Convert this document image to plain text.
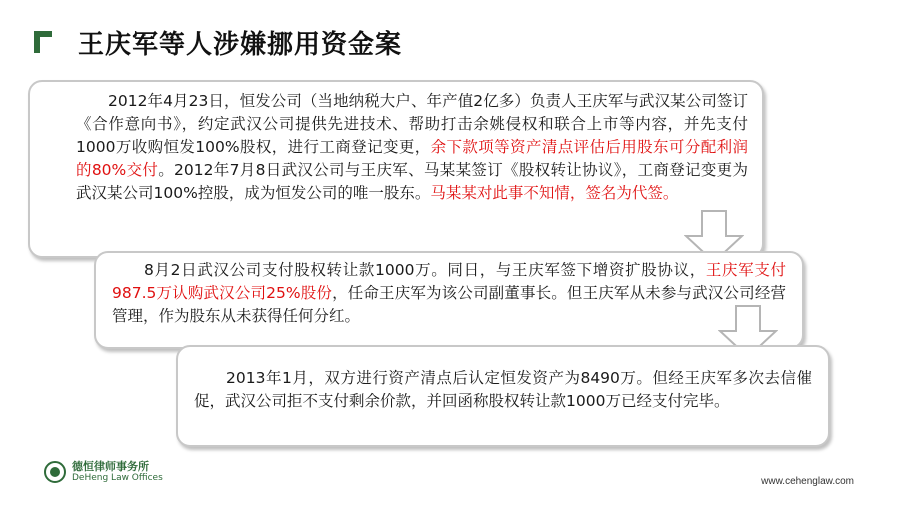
王庆军等人涉嫌挪用资金案
2012年4月23日，恒发公司（当地纳税大户、年产值2亿多）负责人王庆军与武汉某公司签订《合作意向书》，约定武汉公司提供先进技术、帮助打击余姚侵权和联合上市等内容，并先支付1000万收购恒发100%股权，进行工商登记变更，余下款项等资产清点评估后用股东可分配利润的80%交付。2012年7月8日武汉公司与王庆军、马某某签订《股权转让协议》，工商登记变更为武汉某公司100%控股，成为恒发公司的唯一股东。马某某对此事不知情，签名为代签。
8月2日武汉公司支付股权转让款1000万。同日，与王庆军签下增资扩股协议，王庆军支付987.5万认购武汉公司25%股份，任命王庆军为该公司副董事长。但王庆军从未参与武汉公司经营管理，作为股东从未获得任何分红。
2013年1月，双方进行资产清点后认定恒发资产为8490万。但经王庆军多次去信催促，武汉公司拒不支付剩余价款，并回函称股权转让款1000万已经支付完毕。
德恒律师事务所
DeHeng Law Offices	www.cehenglaw.com
